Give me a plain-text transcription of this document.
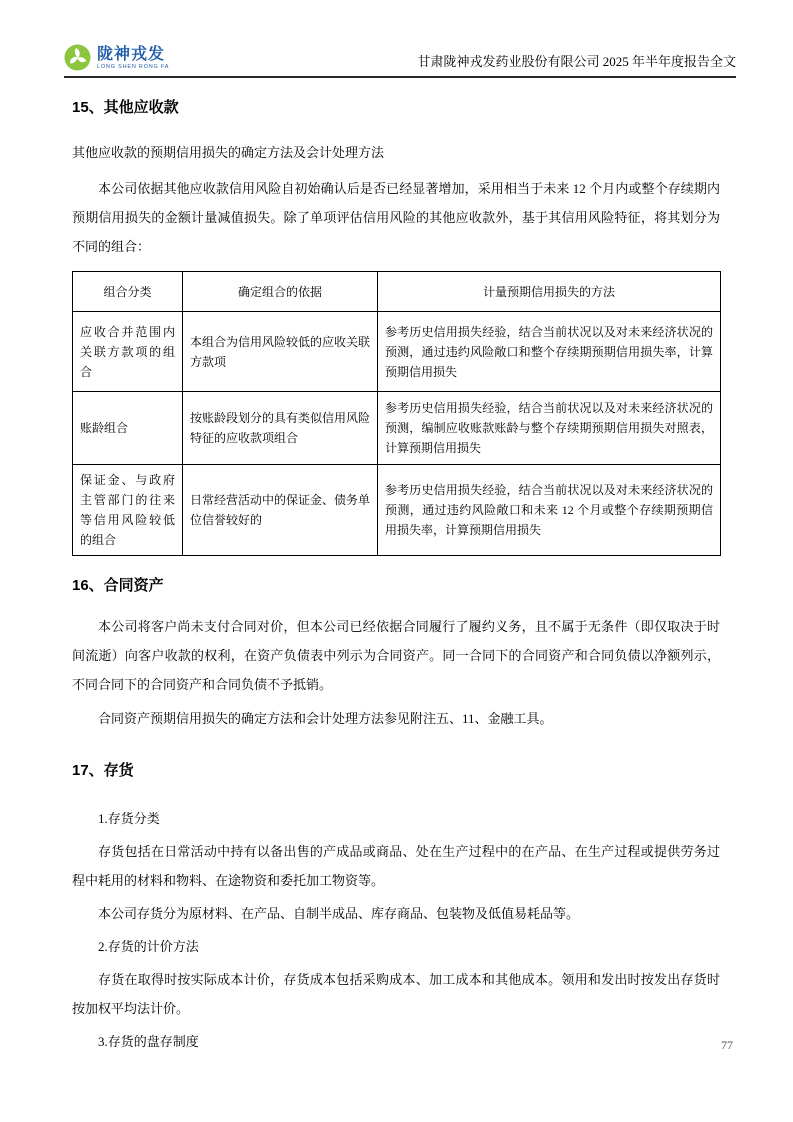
陇神戎发
LONG SHEN RONG FA	甘肃陇神戎发药业股份有限公司 2025 年半年度报告全文
15、其他应收款

其他应收款的预期信用损失的确定方法及会计处理方法

本公司依据其他应收款信用风险自初始确认后是否已经显著增加，采用相当于未来 12 个月内或整个存续期内预期信用损失的金额计量减值损失。除了单项评估信用风险的其他应收款外，基于其信用风险特征，将其划分为不同的组合：

组合分类	确定组合的依据	计量预期信用损失的方法
应收合并范围内关联方款项的组合	本组合为信用风险较低的应收关联方款项	参考历史信用损失经验，结合当前状况以及对未来经济状况的预测，通过违约风险敞口和整个存续期预期信用损失率，计算预期信用损失
账龄组合	按账龄段划分的具有类似信用风险特征的应收款项组合	参考历史信用损失经验，结合当前状况以及对未来经济状况的预测，编制应收账款账龄与整个存续期预期信用损失对照表，计算预期信用损失
保证金、与政府主管部门的往来等信用风险较低的组合	日常经营活动中的保证金、债务单位信誉较好的	参考历史信用损失经验，结合当前状况以及对未来经济状况的预测，通过违约风险敞口和未来 12 个月或整个存续期预期信用损失率，计算预期信用损失
16、合同资产

本公司将客户尚未支付合同对价，但本公司已经依据合同履行了履约义务，且不属于无条件（即仅取决于时间流逝）向客户收款的权利，在资产负债表中列示为合同资产。同一合同下的合同资产和合同负债以净额列示，不同合同下的合同资产和合同负债不予抵销。

合同资产预期信用损失的确定方法和会计处理方法参见附注五、11、金融工具。

17、存货

1.存货分类

存货包括在日常活动中持有以备出售的产成品或商品、处在生产过程中的在产品、在生产过程或提供劳务过程中耗用的材料和物料、在途物资和委托加工物资等。

本公司存货分为原材料、在产品、自制半成品、库存商品、包装物及低值易耗品等。

2.存货的计价方法

存货在取得时按实际成本计价，存货成本包括采购成本、加工成本和其他成本。领用和发出时按发出存货时按加权平均法计价。

3.存货的盘存制度	77
